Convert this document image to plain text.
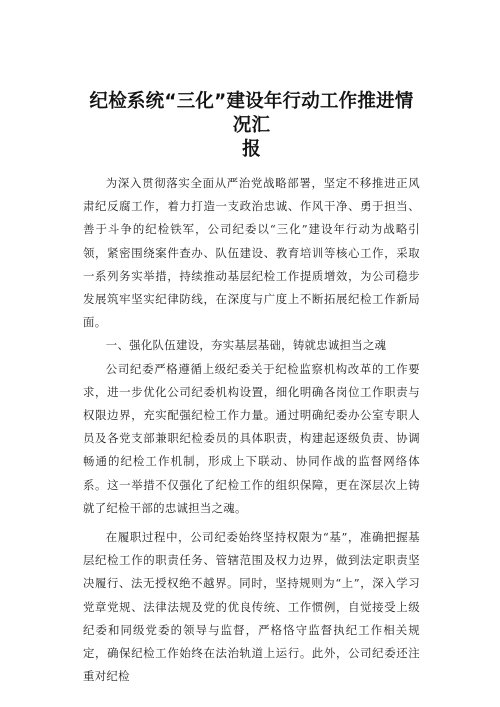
纪检系统“三化”建设年行动工作推进情况汇
报

为深入贯彻落实全面从严治党战略部署，坚定不移推进正风肃纪反腐工作，着力打造一支政治忠诚、作风干净、勇于担当、善于斗争的纪检铁军，公司纪委以“三化”建设年行动为战略引领，紧密围绕案件查办、队伍建设、教育培训等核心工作，采取一系列务实举措，持续推动基层纪检工作提质增效，为公司稳步发展筑牢坚实纪律防线，在深度与广度上不断拓展纪检工作新局面。

一、强化队伍建设，夯实基层基础，铸就忠诚担当之魂

公司纪委严格遵循上级纪委关于纪检监察机构改革的工作要求，进一步优化公司纪委机构设置，细化明确各岗位工作职责与权限边界，充实配强纪检工作力量。通过明确纪委办公室专职人员及各党支部兼职纪检委员的具体职责，构建起逐级负责、协调畅通的纪检工作机制，形成上下联动、协同作战的监督网络体系。这一举措不仅强化了纪检工作的组织保障，更在深层次上铸就了纪检干部的忠诚担当之魂。

在履职过程中，公司纪委始终坚持权限为“基”，准确把握基层纪检工作的职责任务、管辖范围及权力边界，做到法定职责坚决履行、法无授权绝不越界。同时，坚持规则为“上”，深入学习党章党规、法律法规及党的优良传统、工作惯例，自觉接受上级纪委和同级党委的领导与监督，严格恪守监督执纪工作相关规定，确保纪检工作始终在法治轨道上运行。此外，公司纪委还注重对纪检
